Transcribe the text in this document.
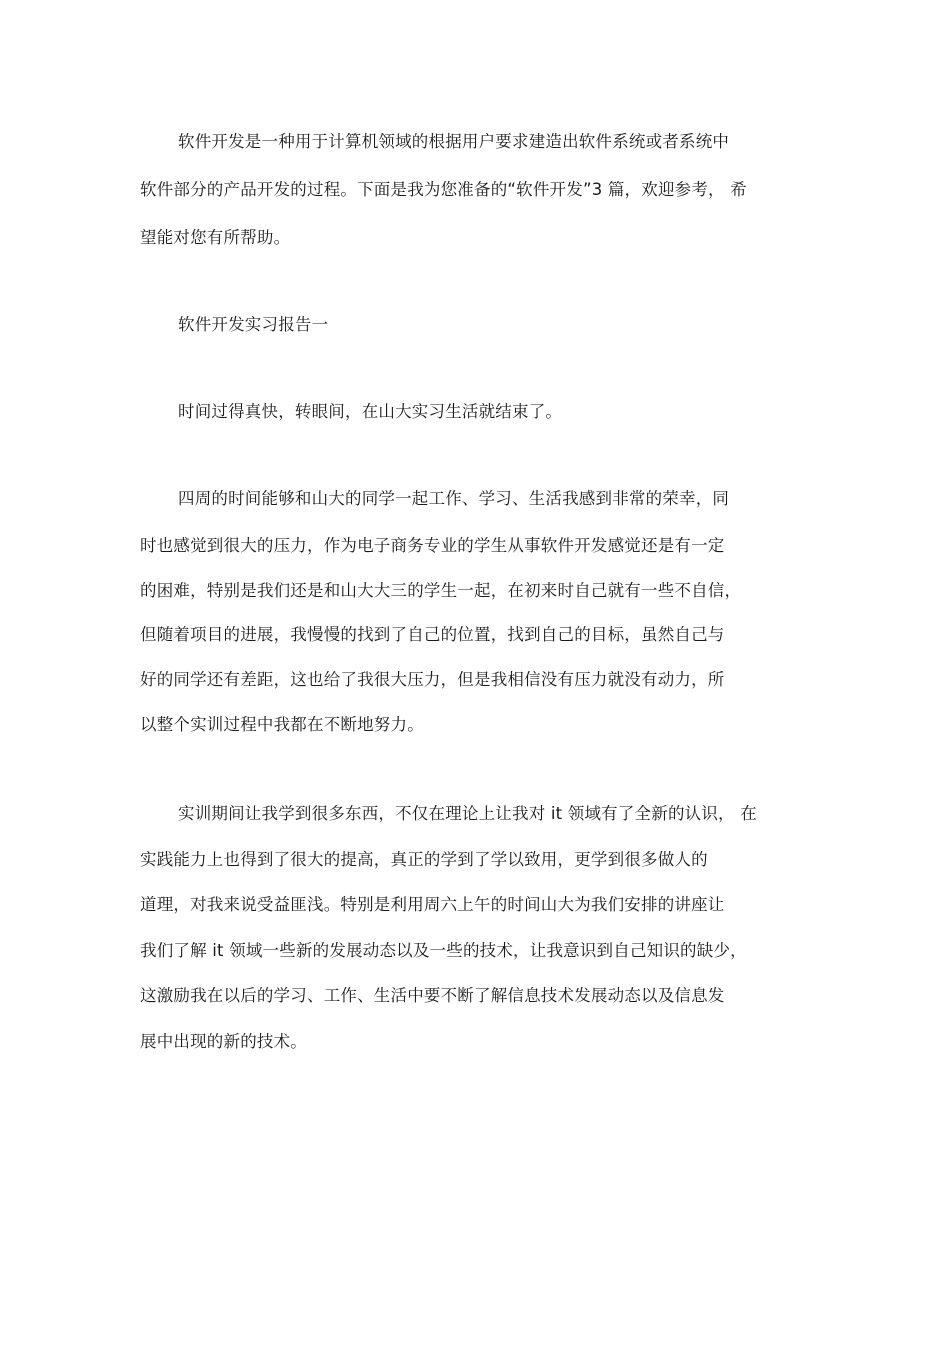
软件开发是一种用于计算机领域的根据用户要求建造出软件系统或者系统中

软件部分的产品开发的过程。下面是我为您准备的“软件开发”3 篇，欢迎参考， 希

望能对您有所帮助。

软件开发实习报告一

时间过得真快，转眼间，在山大实习生活就结束了。

四周的时间能够和山大的同学一起工作、学习、生活我感到非常的荣幸，同

时也感觉到很大的压力，作为电子商务专业的学生从事软件开发感觉还是有一定

的困难，特别是我们还是和山大大三的学生一起，在初来时自己就有一些不自信，

但随着项目的进展，我慢慢的找到了自己的位置，找到自己的目标，虽然自己与

好的同学还有差距，这也给了我很大压力，但是我相信没有压力就没有动力，所

以整个实训过程中我都在不断地努力。

实训期间让我学到很多东西，不仅在理论上让我对 it 领域有了全新的认识， 在

实践能力上也得到了很大的提高，真正的学到了学以致用，更学到很多做人的

道理，对我来说受益匪浅。特别是利用周六上午的时间山大为我们安排的讲座让

我们了解 it 领域一些新的发展动态以及一些的技术，让我意识到自己知识的缺少，

这激励我在以后的学习、工作、生活中要不断了解信息技术发展动态以及信息发

展中出现的新的技术。
